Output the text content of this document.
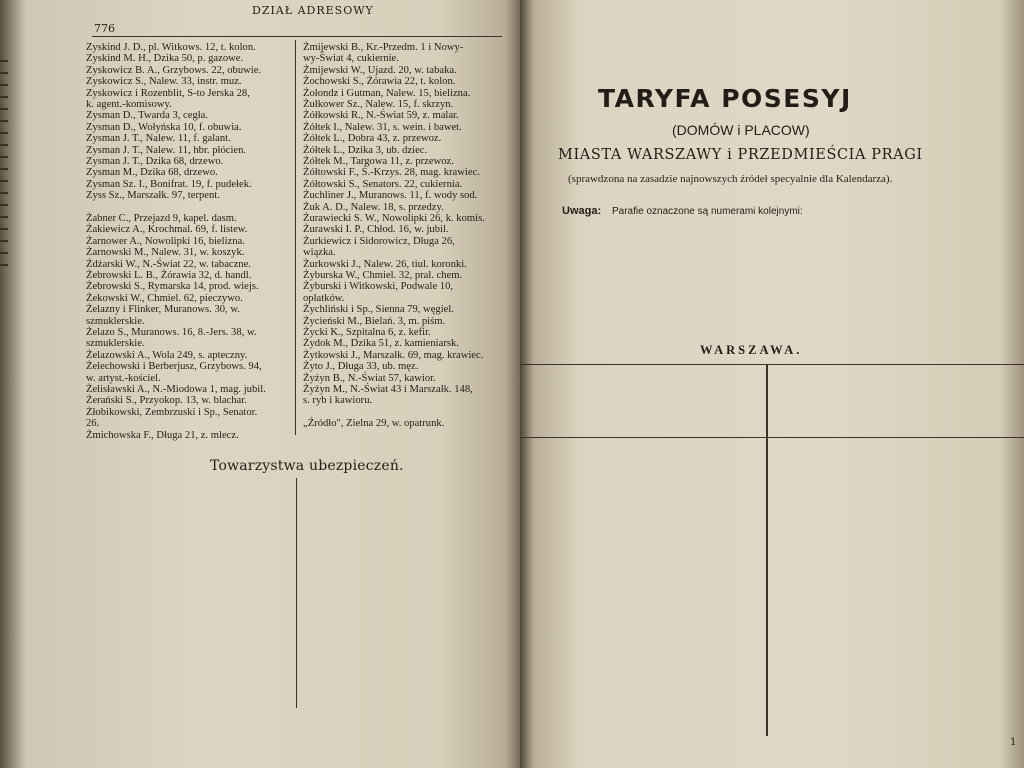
776
DZIAŁ ADRESOWY
Zyskind J. D., pl. Witkows. 12, t. kolon.
Zyskind M. H., Dzika 50, p. gazowe.
Zyskowicz B. A., Grzybows. 22, obuwie.
Zyskowicz S., Nalew. 33, instr. muz.
Zyskowicz i Rozenblit, S-to Jerska 28,
k. agent.-komisowy.
Zysman D., Twarda 3, cegła.
Zysman D., Wołyńska 10, f. obuwia.
Zysman J. T., Nalew. 11, f. galant.
Zysman J. T., Nalew. 11, hbr. płócien.
Zysman J. T., Dzika 68, drzewo.
Zysman M., Dzika 68, drzewo.
Zysman Sz. I., Bonifrat. 19, f. pudełek.
Zyss Sz., Marszałk. 97, terpent.
Żabner C., Przejazd 9, kapel. dasm.
Żakiewicz A., Krochmal. 69, f. listew.
Żarnower A., Nowolipki 16, bielizna.
Żarnowski M., Nalew. 31, w. koszyk.
Żdżarski W., N.-Świat 22, w. tabaczne.
Żebrowski L. B., Żórawia 32, d. handl.
Żebrowski S., Rymarska 14, prod. wiejs.
Żekowski W., Chmiel. 62, pieczywo.
Żelazny i Flinker, Muranows. 30, w.
szmuklerskie.
Żelazo S., Muranows. 16, 8.-Jers. 38, w.
szmuklerskie.
Żelazowski A., Wola 249, s. apteczny.
Żelechowski i Berberjusz, Grzybows. 94,
w. artyst.-kościel.
Żelisławski A., N.-Miodowa 1, mag. jubil.
Żerański S., Przyokop. 13, w. blachar.
Żłobikowski, Zembrzuski i Sp., Senator.
26.
Żmichowska F., Długa 21, z. mlecz.
Żmijewski B., Kr.-Przedm. 1 i Nowy-
wy-Świat 4, cukiernie.
Żmijewski W., Ujazd. 20, w. tabaka.
Żochowski S., Żórawia 22, t. kolon.
Żołondz i Gutman, Nalew. 15, bielizna.
Żułkower Sz., Nalew. 15, f. skrzyn.
Żółkowski R., N.-Świat 59, z. malar.
Żółtek I., Nalew. 31, s. wein. i bawet.
Żółtek L., Dobra 43, z. przewoz.
Żółtek L., Dzika 3, ub. dziec.
Żółtek M., Targowa 11, z. przewoz.
Żółtowski F., Ś.-Krzys. 28, mag. krawiec.
Żółtowski S., Senators. 22, cukiernia.
Żuchliner J., Muranows. 11, f. wody sod.
Żuk A. D., Nalew. 18, s. przedzy.
Żurawiecki S. W., Nowolipki 26, k. komis.
Żurawski I. P., Chłod. 16, w. jubil.
Żurkiewicz i Sidorowicz, Długa 26,
wiązka.
Żurkowski J., Nalew. 26, tiul. koronki.
Żyburska W., Chmiel. 32, pral. chem.
Żyburski i Witkowski, Podwale 10,
opłatków.
Żychliński i Sp., Sienna 79, węgiel.
Życieński M., Bielań. 3, m. piśm.
Życki K., Szpitalna 6, z. kefir.
Żydok M., Dzika 51, z. kamieniarsk.
Żytkowski J., Marszałk. 69, mag. krawiec.
Żyto J., Długa 33, ub. męz.
Żyżyn B., N.-Świat 57, kawior.
Żyżyn M., N.-Świat 43 i Marszałk. 148,
s. ryb i kawioru.
„Źródło", Zielna 29, w. opatrunk.
Towarzystwa ubezpieczeń.
TARYFA POSESYJ
(DOMÓW i PLACOW)
MIASTA WARSZAWY i PRZEDMIEŚCIA PRAGI
(sprawdzona na zasadzie najnowszych źródeł specyalnie dla Kalendarza).
Uwaga: Parafie oznaczone są numerami kolejnymi:
WARSZAWA.
1
